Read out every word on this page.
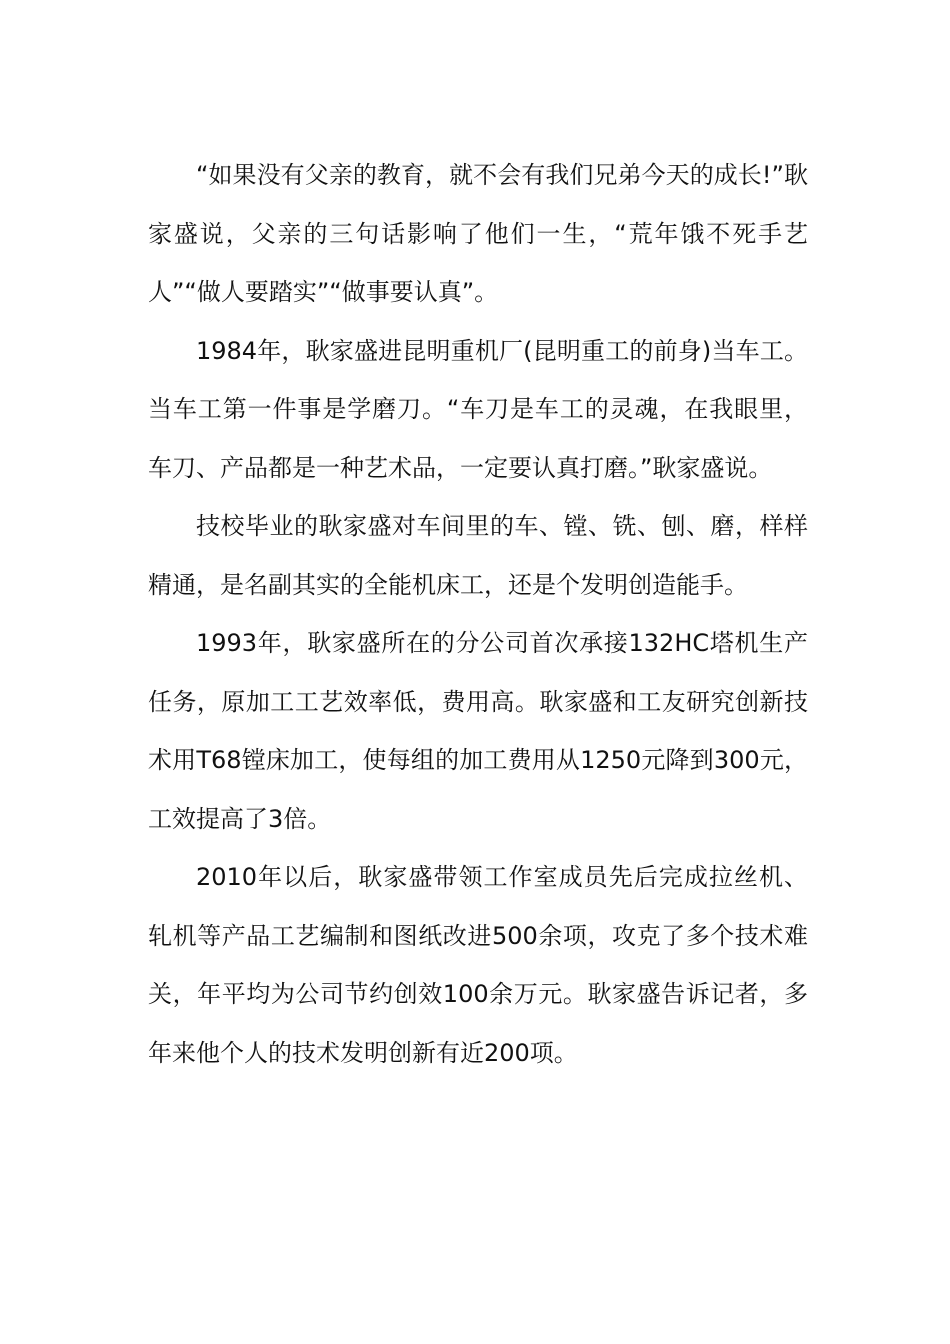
“如果没有父亲的教育，就不会有我们兄弟今天的成长!”耿家盛说，父亲的三句话影响了他们一生，“荒年饿不死手艺人”“做人要踏实”“做事要认真”。

1984年，耿家盛进昆明重机厂(昆明重工的前身)当车工。当车工第一件事是学磨刀。“车刀是车工的灵魂，在我眼里，车刀、产品都是一种艺术品，一定要认真打磨。”耿家盛说。

技校毕业的耿家盛对车间里的车、镗、铣、刨、磨，样样精通，是名副其实的全能机床工，还是个发明创造能手。

1993年，耿家盛所在的分公司首次承接132HC塔机生产任务，原加工工艺效率低，费用高。耿家盛和工友研究创新技术用T68镗床加工，使每组的加工费用从1250元降到300元，工效提高了3倍。

2010年以后，耿家盛带领工作室成员先后完成拉丝机、轧机等产品工艺编制和图纸改进500余项，攻克了多个技术难关，年平均为公司节约创效100余万元。耿家盛告诉记者，多年来他个人的技术发明创新有近200项。
